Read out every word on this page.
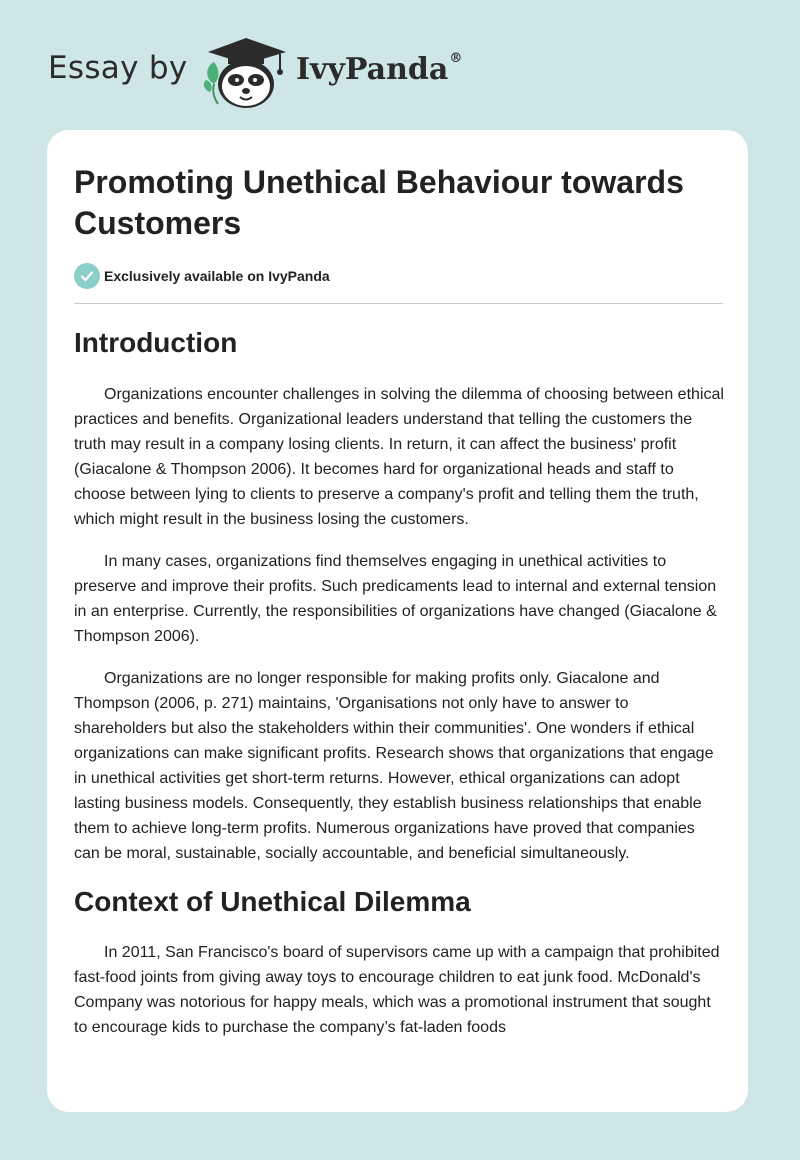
Essay by	IvyPanda®
Promoting Unethical Behaviour towards Customers
Exclusively available on IvyPanda
Introduction

Organizations encounter challenges in solving the dilemma of choosing between ethical practices and benefits. Organizational leaders understand that telling the customers the truth may result in a company losing clients. In return, it can affect the business' profit (Giacalone & Thompson 2006). It becomes hard for organizational heads and staff to choose between lying to clients to preserve a company's profit and telling them the truth, which might result in the business losing the customers.

In many cases, organizations find themselves engaging in unethical activities to preserve and improve their profits. Such predicaments lead to internal and external tension in an enterprise. Currently, the responsibilities of organizations have changed (Giacalone & Thompson 2006).

Organizations are no longer responsible for making profits only. Giacalone and Thompson (2006, p. 271) maintains, 'Organisations not only have to answer to shareholders but also the stakeholders within their communities'. One wonders if ethical organizations can make significant profits. Research shows that organizations that engage in unethical activities get short-term returns. However, ethical organizations can adopt lasting business models. Consequently, they establish business relationships that enable them to achieve long-term profits. Numerous organizations have proved that companies can be moral, sustainable, socially accountable, and beneficial simultaneously.

Context of Unethical Dilemma

In 2011, San Francisco's board of supervisors came up with a campaign that prohibited fast-food joints from giving away toys to encourage children to eat junk food. McDonald's Company was notorious for happy meals, which was a promotional instrument that sought to encourage kids to purchase the company’s fat-laden foods
